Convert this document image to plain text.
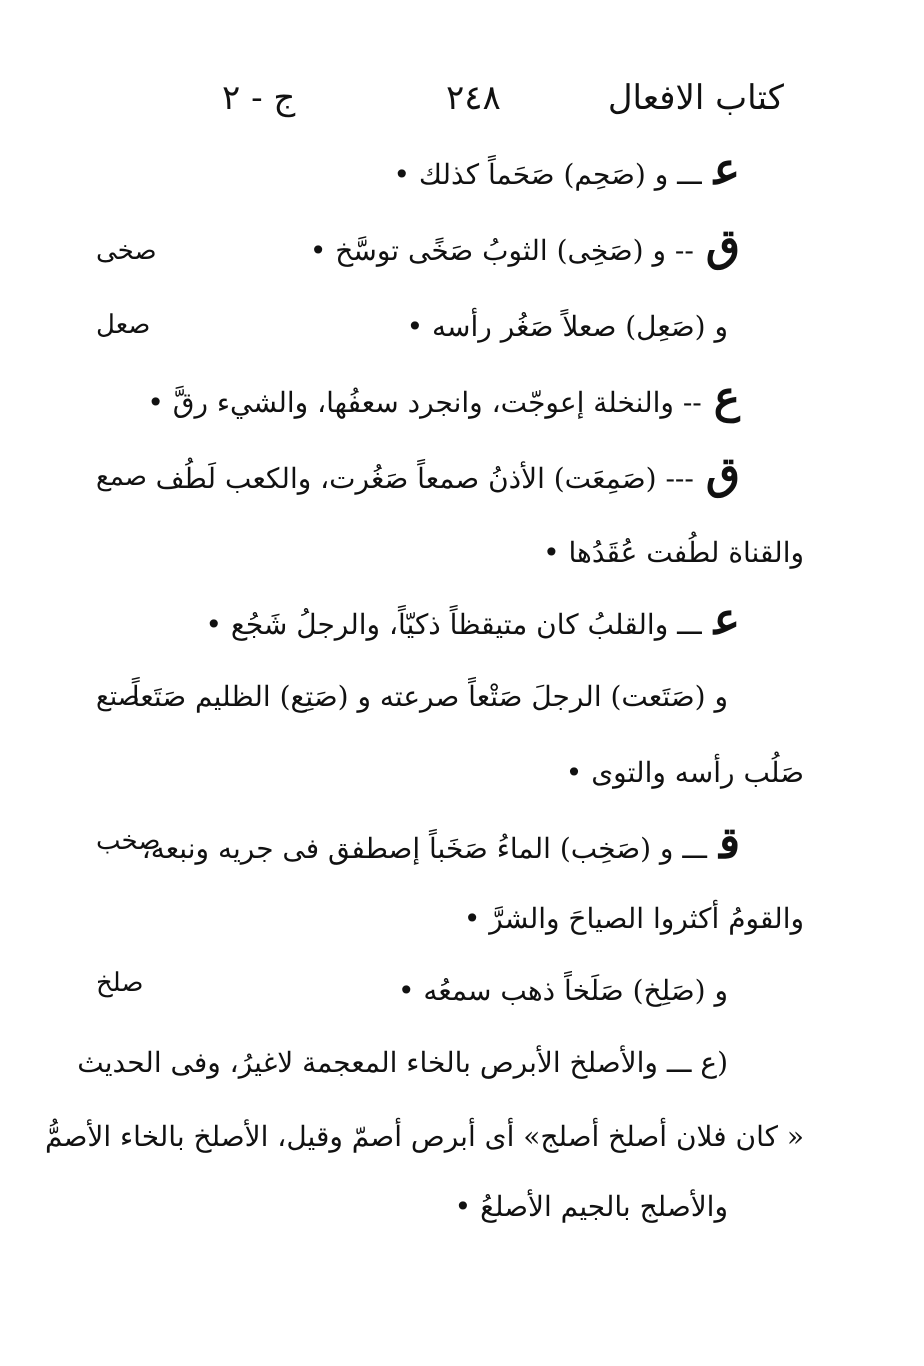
كتاب الافعال
٢٤٨
ج - ٢
عـــ و (صَحِم) صَحَماً كذلك •
ق-- و (صَخِى) الثوبُ صَخًى توسَّخ •
و (صَعِل) صعلاً صَغُر رأسه •
ع-- والنخلة إعوجّت، وانجرد سعفُها، والشيء رقَّ •
ق--- (صَمِعَت) الأذنُ صمعاً صَغُرت، والكعب لَطُف
والقناة لطُفت عُقَدُها •
عـــ والقلبُ كان متيقظاً ذكيّاً، والرجلُ شَجُع •
و (صَتَعت) الرجلَ صَتْعاً صرعته و (صَتِع) الظليم صَتَعاً
صَلُب رأسه والتوى •
قـــ و (صَخِب) الماءُ صَخَباً إصطفق فى جريه ونبعه،
والقومُ أكثروا الصياحَ والشرَّ •
و (صَلِخ) صَلَخاً ذهب سمعُه •
(ع ـــ والأصلخ الأبرص بالخاء المعجمة لاغيرُ، وفى الحديث
« كان فلان أصلخ أصلج» أى أبرص أصمّ وقيل، الأصلخ بالخاء الأصمُّ
والأصلج بالجيم الأصلعُ •
صخى
صعل
صمع
صتع
صخب
صلخ
